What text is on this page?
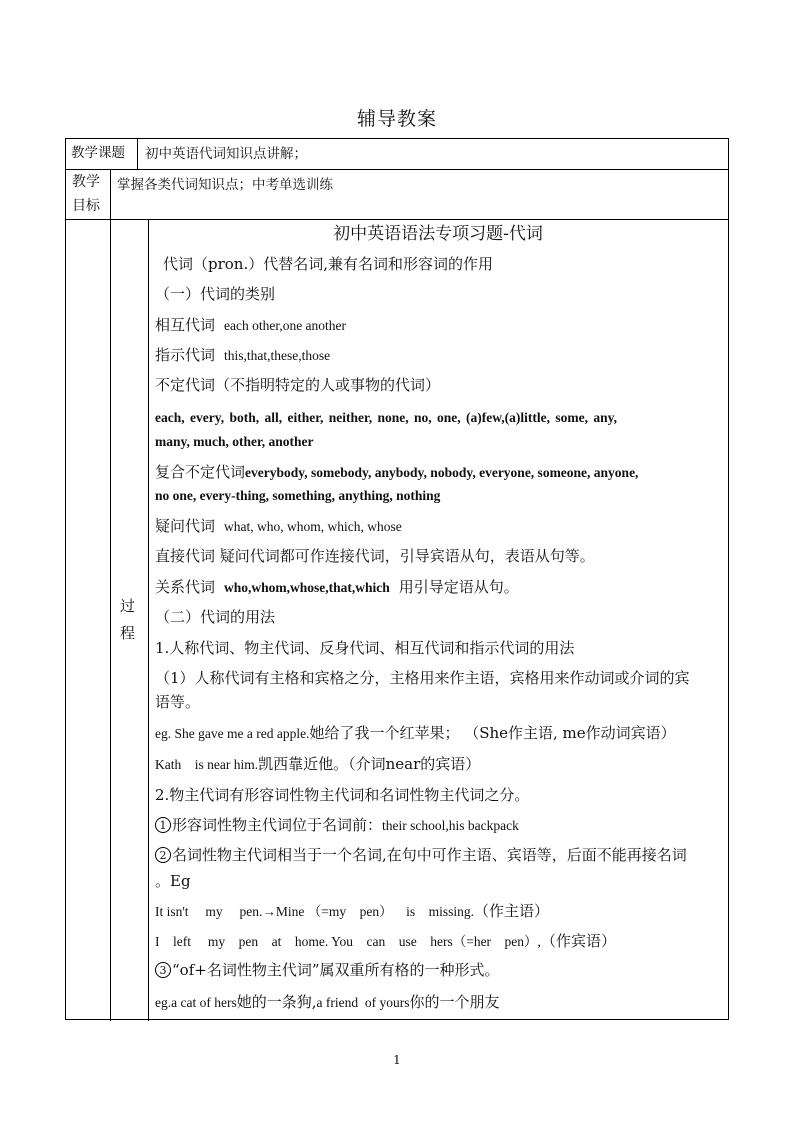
辅导教案
教学课题 初中英语代词知识点讲解；
教学
目标
掌握各类代词知识点；中考单选训练
过
程
初中英语语法专项习题-代词
代词（pron.）代替名词,兼有名词和形容词的作用
（一）代词的类别
相互代词 each other,one another
指示代词 this,that,these,those
不定代词（不指明特定的人或事物的代词）
each, every, both, all, either, neither, none, no, one, (a)few,(a)little, some, any,
many, much, other, another
复合不定代词everybody, somebody, anybody, nobody, everyone, someone, anyone,
no one, every-thing, something, anything, nothing
疑问代词 what, who, whom, which, whose
直接代词 疑问代词都可作连接代词，引导宾语从句，表语从句等。
关系代词 who,whom,whose,that,which 用引导定语从句。
（二）代词的用法
1.人称代词、物主代词、反身代词、相互代词和指示代词的用法
（1）人称代词有主格和宾格之分，主格用来作主语，宾格用来作动词或介词的宾
语等。
eg. She gave me a red apple.她给了我一个红苹果； （She作主语, me作动词宾语）
Kath    is near him.凯西靠近他。（介词near的宾语）
2.物主代词有形容词性物主代词和名词性物主代词之分。
1 形容词性物主代词位于名词前：their school,his backpack
2 名词性物主代词相当于一个名词,在句中可作主语、宾语等，后面不能再接名词
。Eg
It isn't     my     pen.→Mine （=my    pen）    is    missing.（作主语）
I    left     my    pen    at    home. You    can    use    hers（=her    pen）,（作宾语）
3 “of+名词性物主代词”属双重所有格的一种形式。
eg.a cat of hers她的一条狗,a friend  of yours你的一个朋友
1
